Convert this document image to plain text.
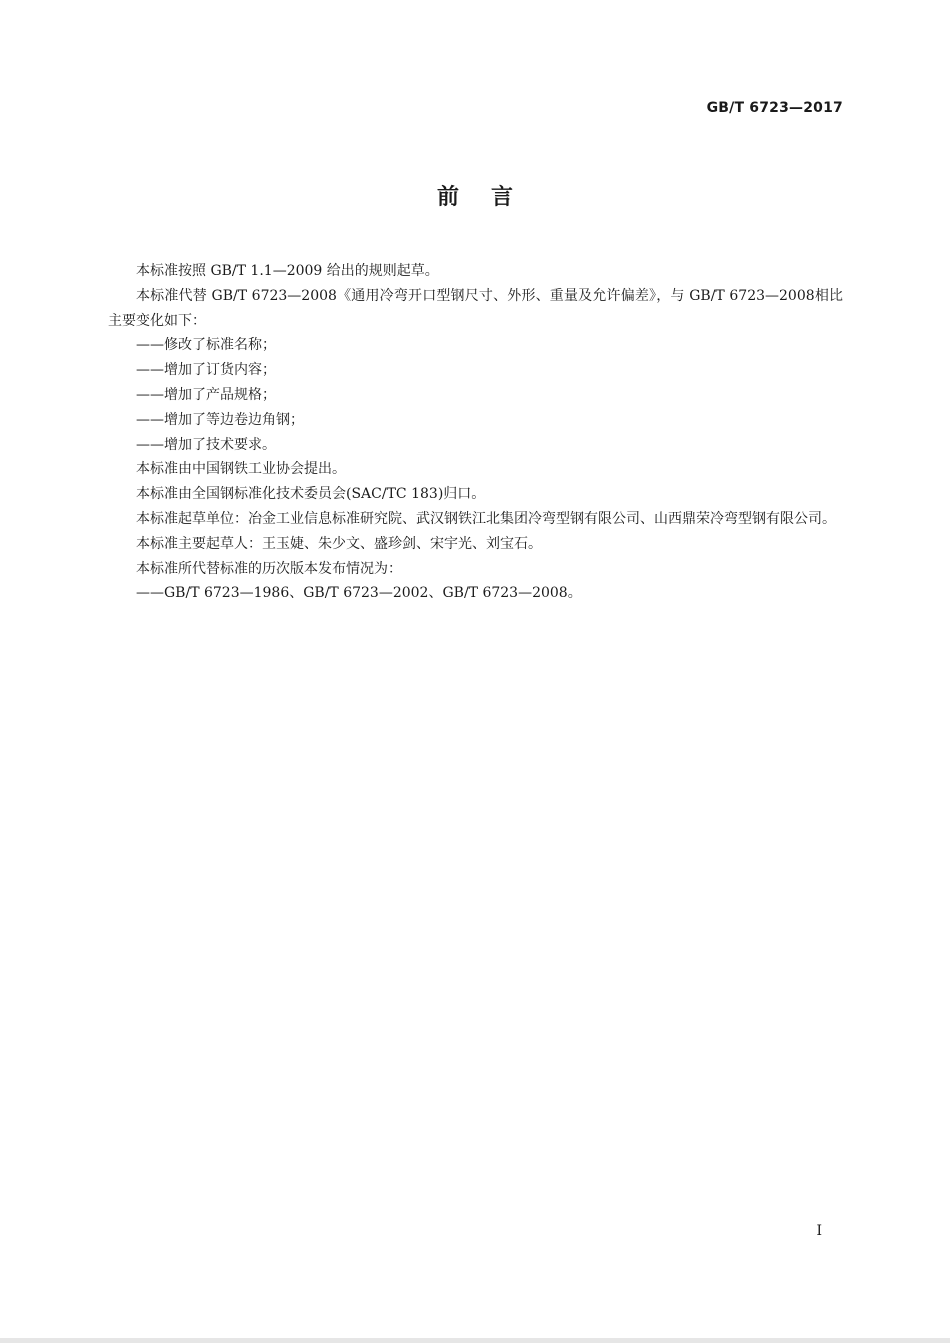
GB/T 6723—2017
前言

本标准按照 GB/T 1.1—2009 给出的规则起草。

本标准代替 GB/T 6723—2008《通用冷弯开口型钢尺寸、外形、重量及允许偏差》，与 GB/T 6723—2008相比主要变化如下：

——修改了标准名称；

——增加了订货内容；

——增加了产品规格；

——增加了等边卷边角钢；

——增加了技术要求。

本标准由中国钢铁工业协会提出。

本标准由全国钢标准化技术委员会(SAC/TC 183)归口。

本标准起草单位：冶金工业信息标准研究院、武汉钢铁江北集团冷弯型钢有限公司、山西鼎荣冷弯型钢有限公司。

本标准主要起草人：王玉婕、朱少文、盛珍剑、宋宇光、刘宝石。

本标准所代替标准的历次版本发布情况为：

——GB/T 6723—1986、GB/T 6723—2002、GB/T 6723—2008。

I
